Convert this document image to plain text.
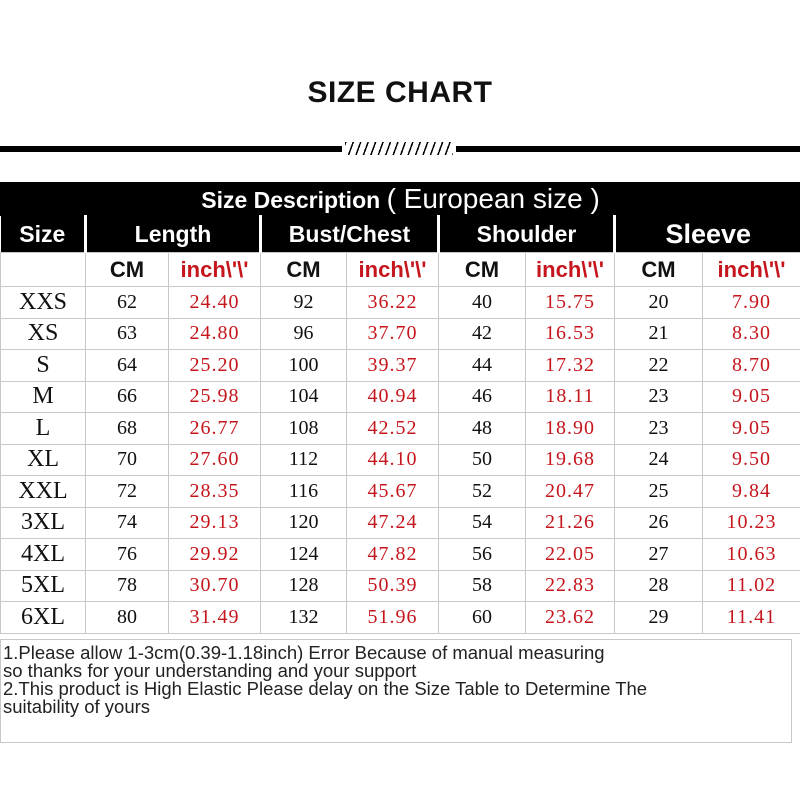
SIZE CHART
Size Description ( European size )								
Size	Length		Bust/Chest		Shoulder		Sleeve	
	CM	inch\'\'	CM	inch\'\'	CM	inch\'\'	CM	inch\'\'
XXS	62	24.40	92	36.22	40	15.75	20	7.90
XS	63	24.80	96	37.70	42	16.53	21	8.30
S	64	25.20	100	39.37	44	17.32	22	8.70
M	66	25.98	104	40.94	46	18.11	23	9.05
L	68	26.77	108	42.52	48	18.90	23	9.05
XL	70	27.60	112	44.10	50	19.68	24	9.50
XXL	72	28.35	116	45.67	52	20.47	25	9.84
3XL	74	29.13	120	47.24	54	21.26	26	10.23
4XL	76	29.92	124	47.82	56	22.05	27	10.63
5XL	78	30.70	128	50.39	58	22.83	28	11.02
6XL	80	31.49	132	51.96	60	23.62	29	11.41
1.Please allow 1-3cm(0.39-1.18inch) Error Because of manual measuring
so thanks for your understanding and your support
2.This product is High Elastic Please delay on the Size Table to Determine The
suitability of yours
